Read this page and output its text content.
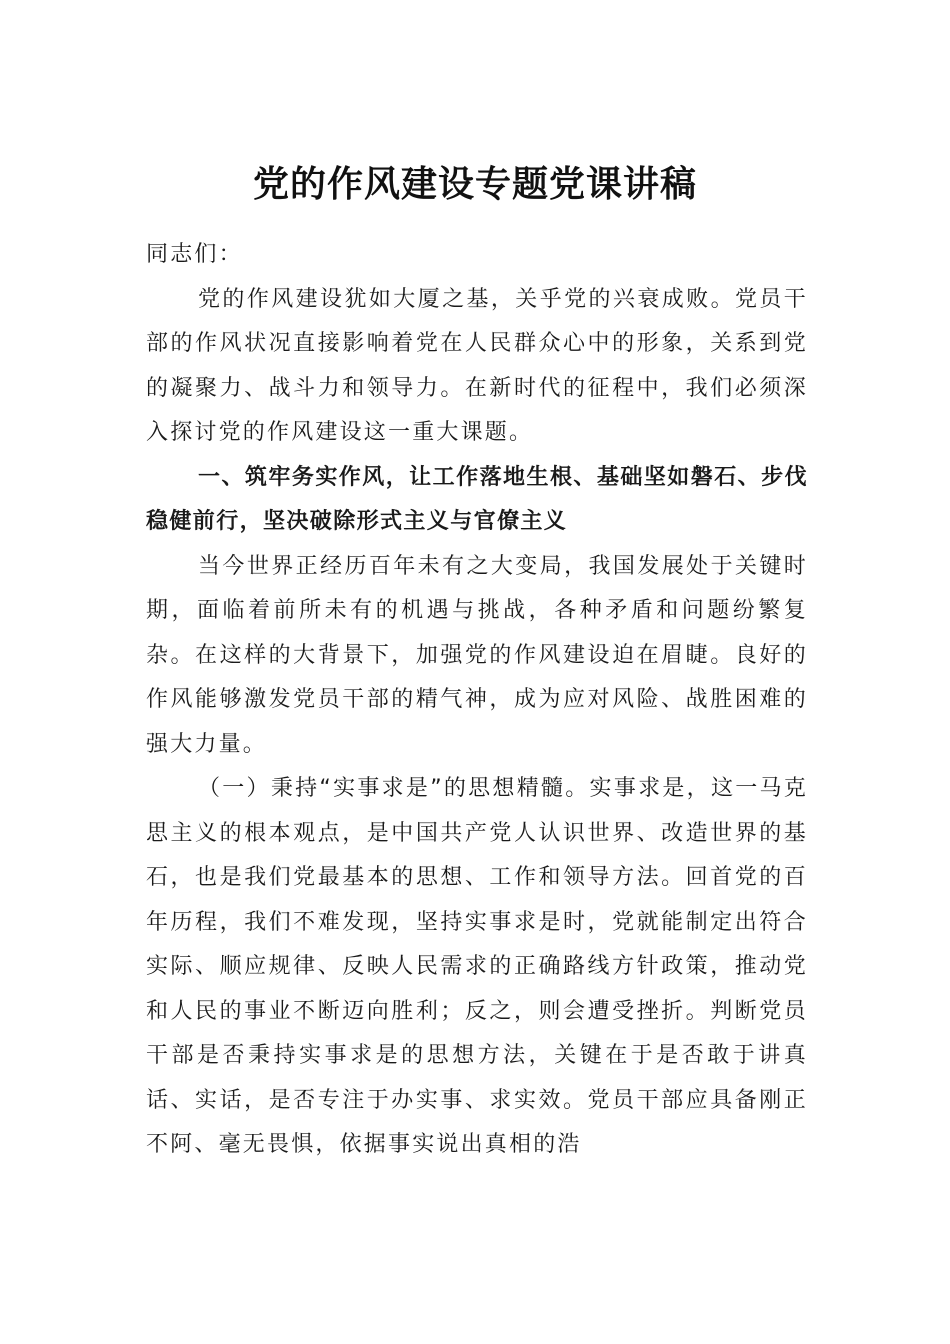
党的作风建设专题党课讲稿

同志们：

党的作风建设犹如大厦之基，关乎党的兴衰成败。党员干部的作风状况直接影响着党在人民群众心中的形象，关系到党的凝聚力、战斗力和领导力。在新时代的征程中，我们必须深入探讨党的作风建设这一重大课题。

一、筑牢务实作风，让工作落地生根、基础坚如磐石、步伐稳健前行，坚决破除形式主义与官僚主义

当今世界正经历百年未有之大变局，我国发展处于关键时期，面临着前所未有的机遇与挑战，各种矛盾和问题纷繁复杂。在这样的大背景下，加强党的作风建设迫在眉睫。良好的作风能够激发党员干部的精气神，成为应对风险、战胜困难的强大力量。

（一）秉持“实事求是”的思想精髓。实事求是，这一马克思主义的根本观点，是中国共产党人认识世界、改造世界的基石，也是我们党最基本的思想、工作和领导方法。回首党的百年历程，我们不难发现，坚持实事求是时，党就能制定出符合实际、顺应规律、反映人民需求的正确路线方针政策，推动党和人民的事业不断迈向胜利；反之，则会遭受挫折。判断党员干部是否秉持实事求是的思想方法，关键在于是否敢于讲真话、实话，是否专注于办实事、求实效。党员干部应具备刚正不阿、毫无畏惧，依据事实说出真相的浩
